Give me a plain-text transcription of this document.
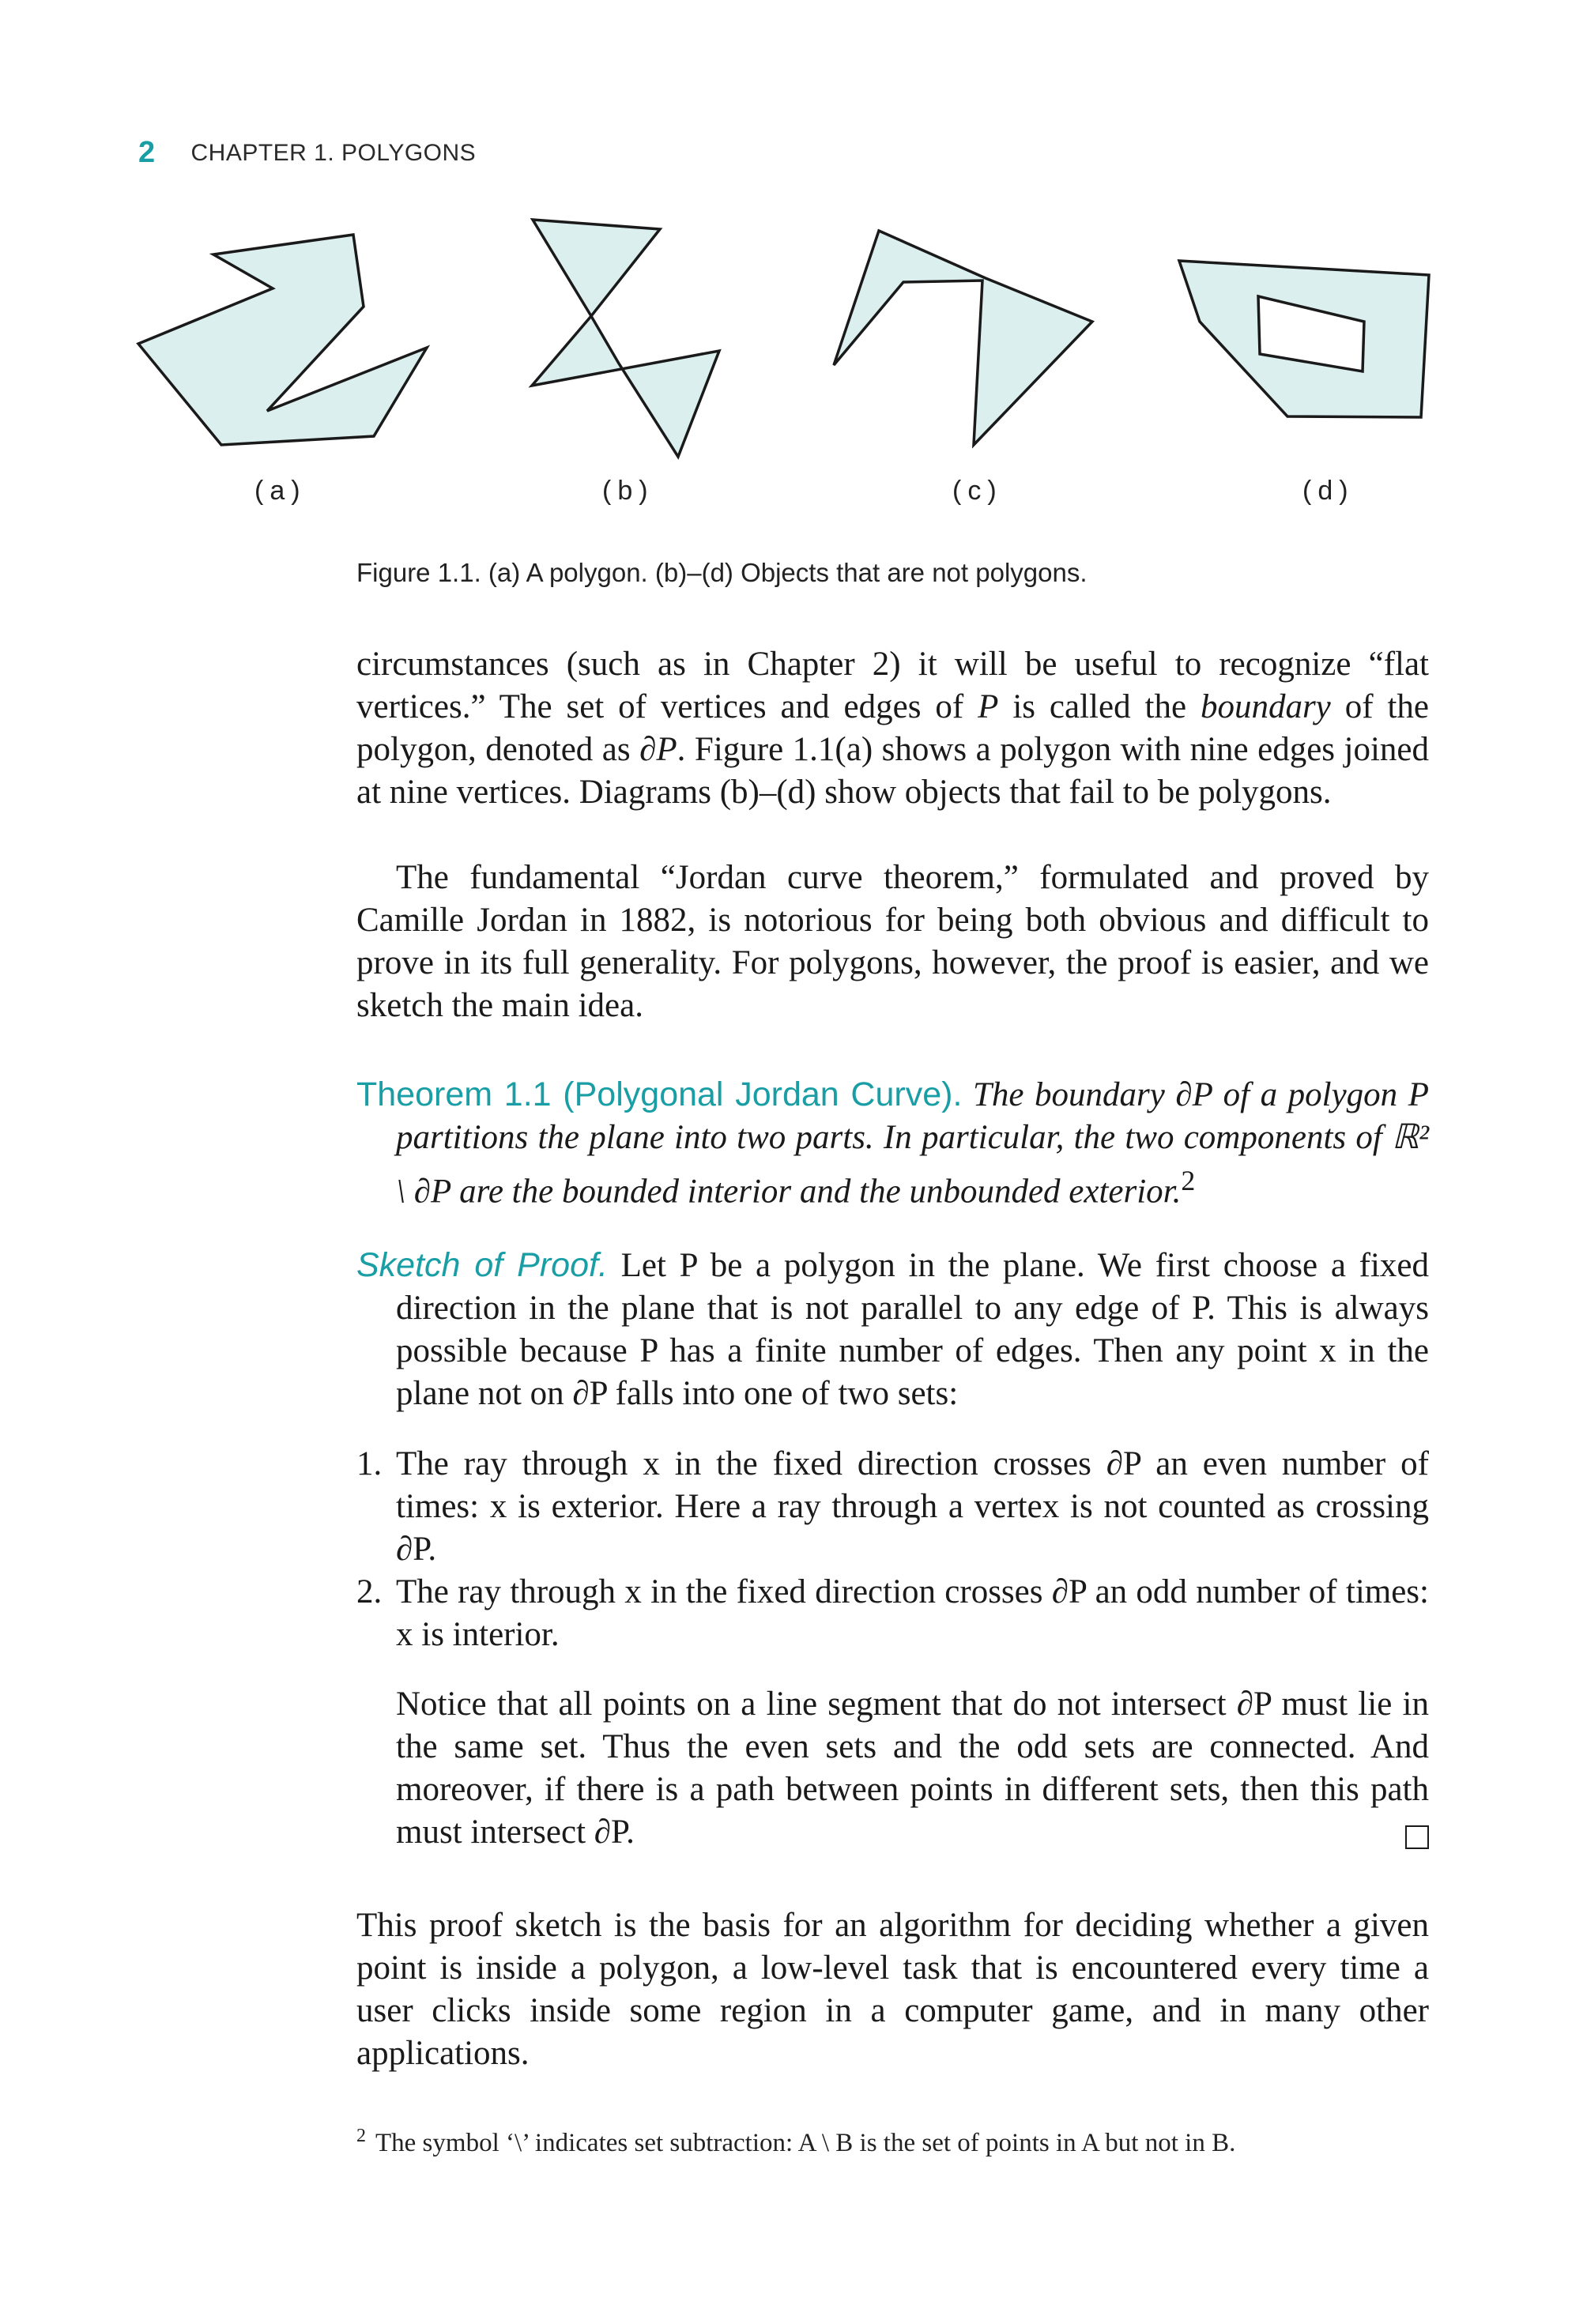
2 CHAPTER 1. POLYGONS
(a)	(b)	(c)	(d)
Figure 1.1. (a) A polygon. (b)–(d) Objects that are not polygons.

circumstances (such as in Chapter 2) it will be useful to recognize “flat vertices.” The set of vertices and edges of P is called the boundary of the polygon, denoted as ∂P. Figure 1.1(a) shows a polygon with nine edges joined at nine vertices. Diagrams (b)–(d) show objects that fail to be polygons.

The fundamental “Jordan curve theorem,” formulated and proved by Camille Jordan in 1882, is notorious for being both obvious and difficult to prove in its full generality. For polygons, however, the proof is easier, and we sketch the main idea.

Theorem 1.1 (Polygonal Jordan Curve). The boundary ∂P of a polygon P partitions the plane into two parts. In particular, the two components of ℝ² \ ∂P are the bounded interior and the unbounded exterior.$^2$

Sketch of Proof. Let P be a polygon in the plane. We first choose a fixed direction in the plane that is not parallel to any edge of P. This is always possible because P has a finite number of edges. Then any point x in the plane not on ∂P falls into one of two sets:

1. The ray through x in the fixed direction crosses ∂P an even number of times: x is exterior. Here a ray through a vertex is not counted as crossing ∂P.
2. The ray through x in the fixed direction crosses ∂P an odd number of times: x is interior.
Notice that all points on a line segment that do not intersect ∂P must lie in the same set. Thus the even sets and the odd sets are connected. And moreover, if there is a path between points in different sets, then this path must intersect ∂P.

This proof sketch is the basis for an algorithm for deciding whether a given point is inside a polygon, a low-level task that is encountered every time a user clicks inside some region in a computer game, and in many other applications.

$^2$ The symbol ‘\’ indicates set subtraction: A \ B is the set of points in A but not in B.
